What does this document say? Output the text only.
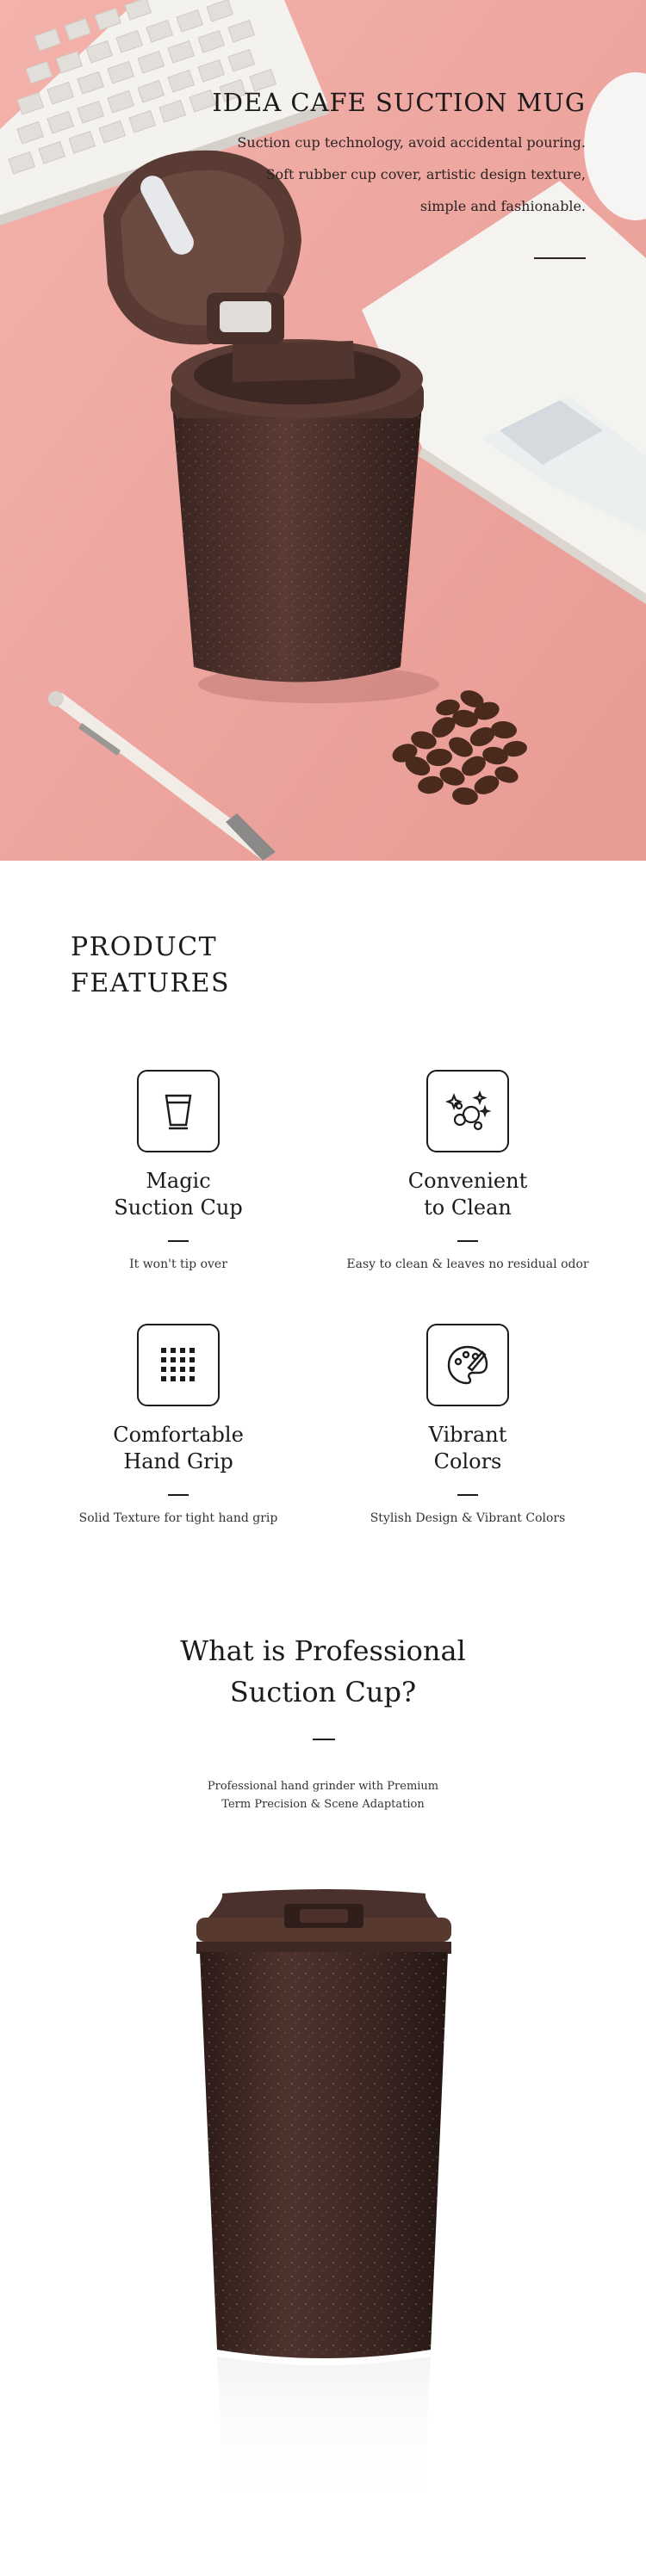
IDEA CAFE SUCTION MUG
Suction cup technology, avoid accidental pouring.
Soft rubber cup cover, artistic design texture,
simple and fashionable.
PRODUCT
FEATURES
Magic
Suction Cup
It won't tip over
Convenient
to Clean
Easy to clean & leaves no residual odor
Comfortable
Hand Grip
Solid Texture for tight hand grip
Vibrant
Colors
Stylish Design & Vibrant Colors
What is Professional
Suction Cup?
Professional hand grinder with Premium
Term Precision & Scene Adaptation
